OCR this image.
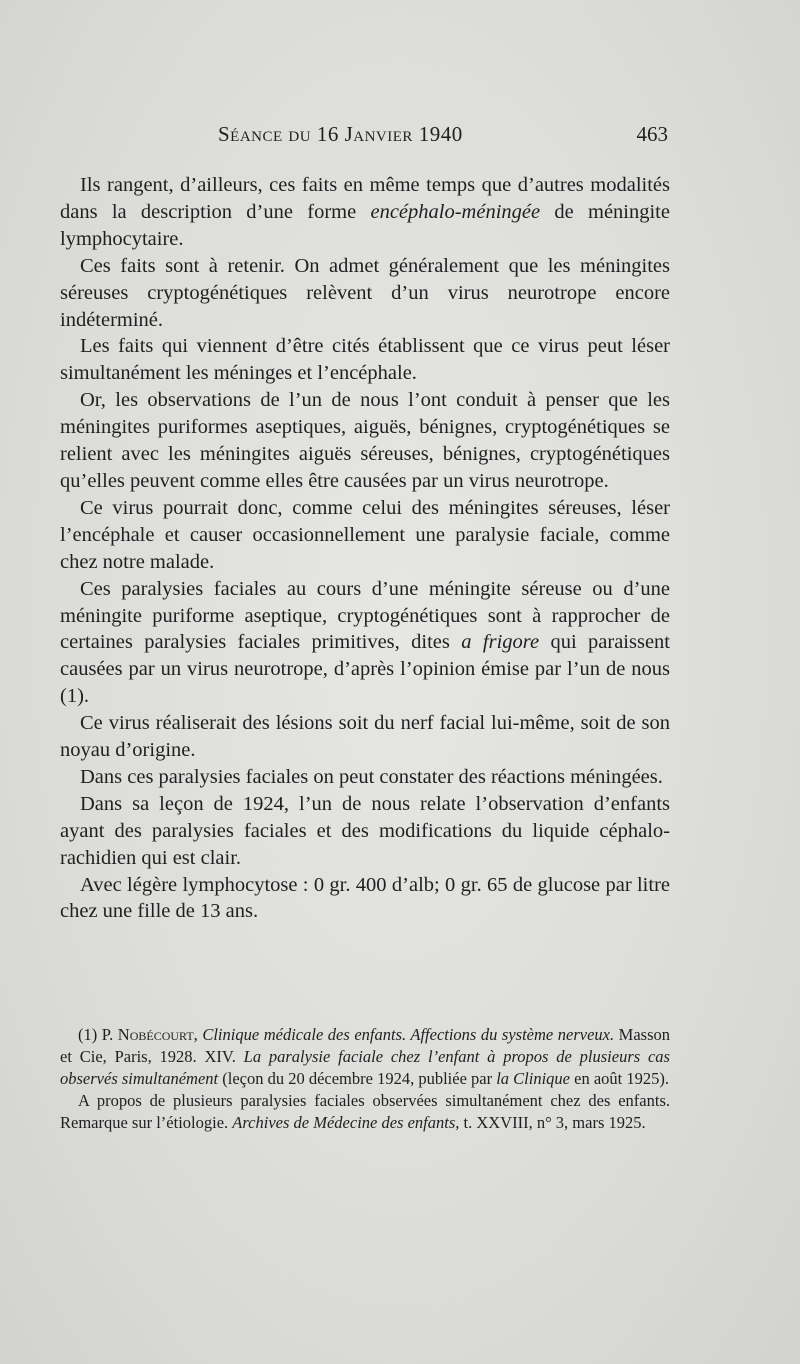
Séance du 16 Janvier 1940	463

Ils rangent, d’ailleurs, ces faits en même temps que d’autres modalités dans la description d’une forme encéphalo-méningée de méningite lymphocytaire.

Ces faits sont à retenir. On admet généralement que les méningites séreuses cryptogénétiques relèvent d’un virus neurotrope encore indéterminé.

Les faits qui viennent d’être cités établissent que ce virus peut léser simultanément les méninges et l’encéphale.

Or, les observations de l’un de nous l’ont conduit à penser que les méningites puriformes aseptiques, aiguës, bénignes, cryptogénétiques se relient avec les méningites aiguës séreuses, bénignes, cryptogénétiques qu’elles peuvent comme elles être causées par un virus neurotrope.

Ce virus pourrait donc, comme celui des méningites séreuses, léser l’encéphale et causer occasionnellement une paralysie faciale, comme chez notre malade.

Ces paralysies faciales au cours d’une méningite séreuse ou d’une méningite puriforme aseptique, cryptogénétiques sont à rapprocher de certaines paralysies faciales primitives, dites a frigore qui paraissent causées par un virus neurotrope, d’après l’opinion émise par l’un de nous (1).

Ce virus réaliserait des lésions soit du nerf facial lui-même, soit de son noyau d’origine.

Dans ces paralysies faciales on peut constater des réactions méningées.

Dans sa leçon de 1924, l’un de nous relate l’observation d’enfants ayant des paralysies faciales et des modifications du liquide céphalo-rachidien qui est clair.

Avec légère lymphocytose : 0 gr. 400 d’alb; 0 gr. 65 de glucose par litre chez une fille de 13 ans.

(1) P. Nobécourt, Clinique médicale des enfants. Affections du système nerveux. Masson et Cie, Paris, 1928. XIV. La paralysie faciale chez l’enfant à propos de plusieurs cas observés simultanément (leçon du 20 décembre 1924, publiée par la Clinique en août 1925).

A propos de plusieurs paralysies faciales observées simultanément chez des enfants. Remarque sur l’étiologie. Archives de Médecine des enfants, t. XXVIII, n° 3, mars 1925.
